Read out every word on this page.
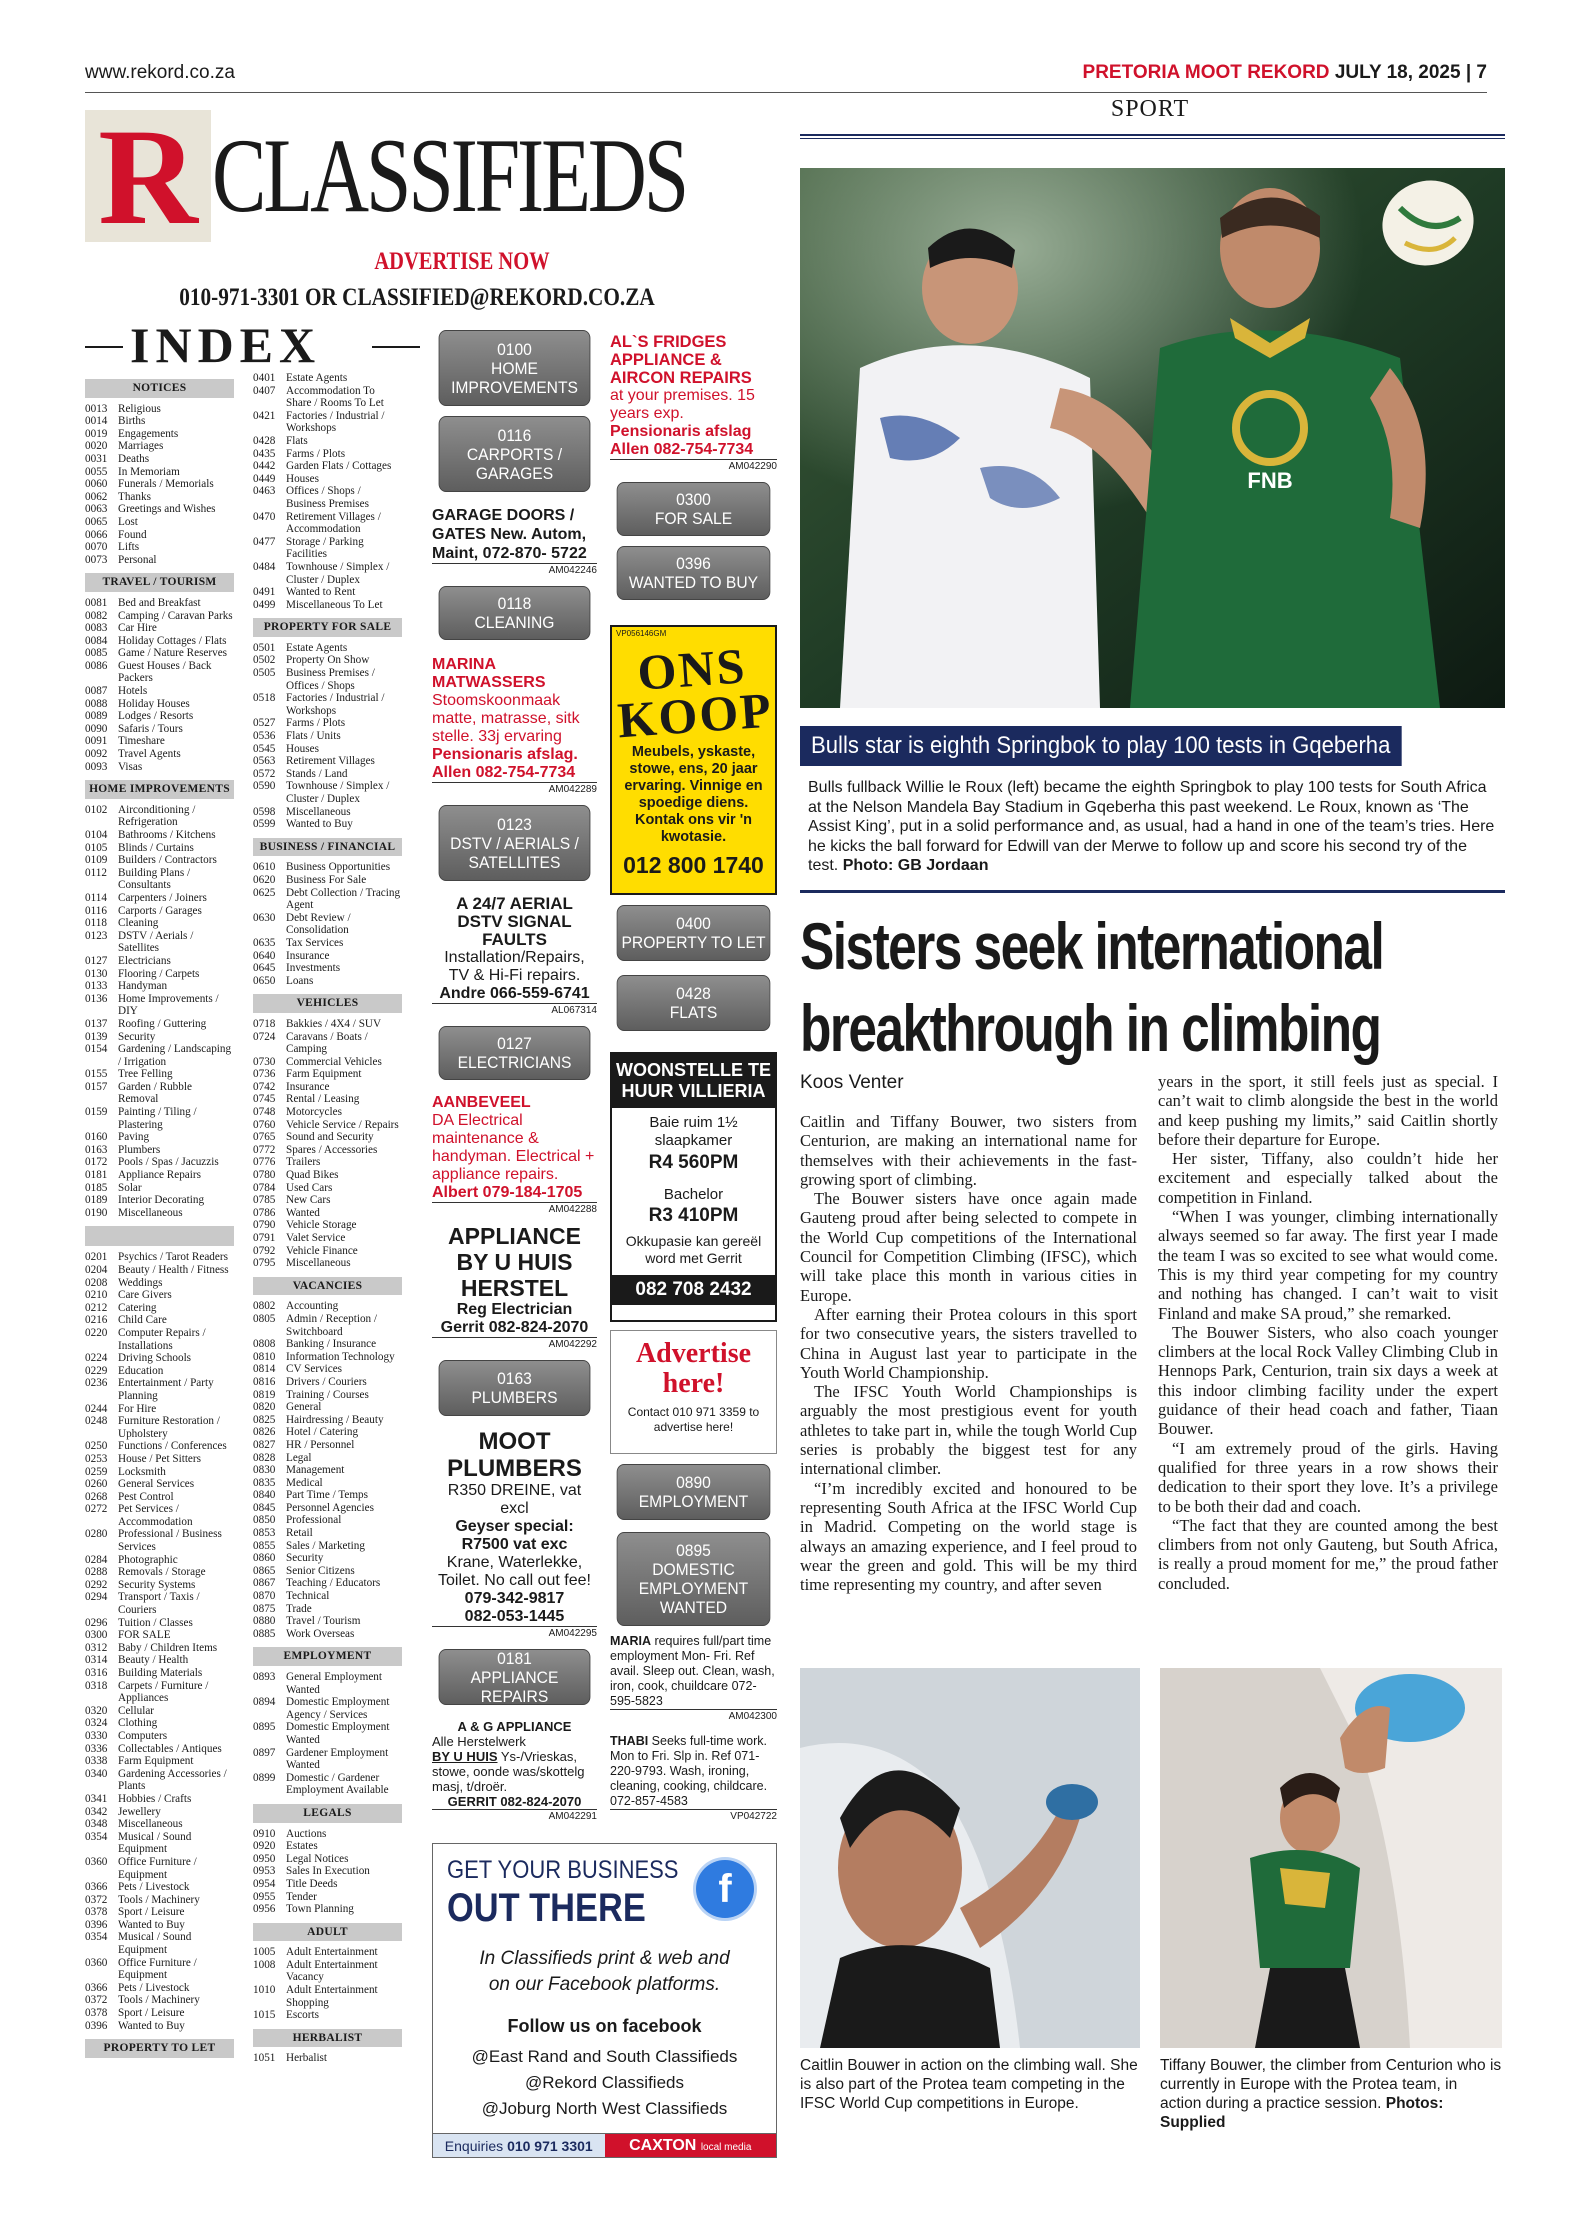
www.rekord.co.za	PRETORIA MOOT REKORD JULY 18, 2025 | 7
R CLASSIFIEDS
ADVERTISE NOW
010-971-3301 OR CLASSIFIED@REKORD.CO.ZA
INDEX
NOTICES
0013 Religious
0014 Births
0019 Engagements
0020 Marriages
0031 Deaths
0055 In Memoriam
0060 Funerals / Memorials
0062 Thanks
0063 Greetings and Wishes
0065 Lost
0066 Found
0070 Lifts
0073 Personal
TRAVEL / TOURISM
0081 Bed and Breakfast
0082 Camping / Caravan Parks
0083 Car Hire
0084 Holiday Cottages / Flats
0085 Game / Nature Reserves
0086 Guest Houses / Back Packers
0087 Hotels
0088 Holiday Houses
0089 Lodges / Resorts
0090 Safaris / Tours
0091 Timeshare
0092 Travel Agents
0093 Visas
HOME IMPROVEMENTS
0102 Airconditioning / Refrigeration
0104 Bathrooms / Kitchens
0105 Blinds / Curtains
0109 Builders / Contractors
0112 Building Plans / Consultants
0114 Carpenters / Joiners
0116 Carports / Garages
0118 Cleaning
0123 DSTV / Aerials / Satellites
0127 Electricians
0130 Flooring / Carpets
0133 Handyman
0136 Home Improvements / DIY
0137 Roofing / Guttering
0139 Security
0154 Gardening / Landscaping / Irrigation
0155 Tree Felling
0157 Garden / Rubble Removal
0159 Painting / Tiling / Plastering
0160 Paving
0163 Plumbers
0172 Pools / Spas / Jacuzzis
0181 Appliance Repairs
0185 Solar
0189 Interior Decorating
0190 Miscellaneous
0201 Psychics / Tarot Readers
0204 Beauty / Health / Fitness
0208 Weddings
0210 Care Givers
0212 Catering
0216 Child Care
0220 Computer Repairs / Installations
0224 Driving Schools
0229 Education
0236 Entertainment / Party Planning
0244 For Hire
0248 Furniture Restoration / Upholstery
0250 Functions / Conferences
0253 House / Pet Sitters
0259 Locksmith
0260 General Services
0268 Pest Control
0272 Pet Services / Accommodation
0280 Professional / Business Services
0284 Photographic
0288 Removals / Storage
0292 Security Systems
0294 Transport / Taxis / Couriers
0296 Tuition / Classes
0300 FOR SALE
0312 Baby / Children Items
0314 Beauty / Health
0316 Building Materials
0318 Carpets / Furniture / Appliances
0320 Cellular
0324 Clothing
0330 Computers
0336 Collectables / Antiques
0338 Farm Equipment
0340 Gardening Accessories / Plants
0341 Hobbies / Crafts
0342 Jewellery
0348 Miscellaneous
0354 Musical / Sound Equipment
0360 Office Furniture / Equipment
0366 Pets / Livestock
0372 Tools / Machinery
0378 Sport / Leisure
0396 Wanted to Buy
0354 Musical / Sound Equipment
0360 Office Furniture / Equipment
0366 Pets / Livestock
0372 Tools / Machinery
0378 Sport / Leisure
0396 Wanted to Buy
PROPERTY TO LET
0401 Estate Agents
0407 Accommodation To Share / Rooms To Let
0421 Factories / Industrial / Workshops
0428 Flats
0435 Farms / Plots
0442 Garden Flats / Cottages
0449 Houses
0463 Offices / Shops / Business Premises
0470 Retirement Villages / Accommodation
0477 Storage / Parking Facilities
0484 Townhouse / Simplex / Cluster / Duplex
0491 Wanted to Rent
0499 Miscellaneous To Let
PROPERTY FOR SALE
0501 Estate Agents
0502 Property On Show
0505 Business Premises / Offices / Shops
0518 Factories / Industrial / Workshops
0527 Farms / Plots
0536 Flats / Units
0545 Houses
0563 Retirement Villages
0572 Stands / Land
0590 Townhouse / Simplex / Cluster / Duplex
0598 Miscellaneous
0599 Wanted to Buy
BUSINESS / FINANCIAL
0610 Business Opportunities
0620 Business For Sale
0625 Debt Collection / Tracing Agent
0630 Debt Review / Consolidation
0635 Tax Services
0640 Insurance
0645 Investments
0650 Loans
VEHICLES
0718 Bakkies / 4X4 / SUV
0724 Caravans / Boats / Camping
0730 Commercial Vehicles
0736 Farm Equipment
0742 Insurance
0745 Rental / Leasing
0748 Motorcycles
0760 Vehicle Service / Repairs
0765 Sound and Security
0772 Spares / Accessories
0776 Trailers
0780 Quad Bikes
0784 Used Cars
0785 New Cars
0786 Wanted
0790 Vehicle Storage
0791 Valet Service
0792 Vehicle Finance
0795 Miscellaneous
VACANCIES
0802 Accounting
0805 Admin / Reception / Switchboard
0808 Banking / Insurance
0810 Information Technology
0814 CV Services
0816 Drivers / Couriers
0819 Training / Courses
0820 General
0825 Hairdressing / Beauty
0826 Hotel / Catering
0827 HR / Personnel
0828 Legal
0830 Management
0835 Medical
0840 Part Time / Temps
0845 Personnel Agencies
0850 Professional
0853 Retail
0855 Sales / Marketing
0860 Security
0865 Senior Citizens
0867 Teaching / Educators
0870 Technical
0875 Trade
0880 Travel / Tourism
0885 Work Overseas
EMPLOYMENT
0893 General Employment Wanted
0894 Domestic Employment Agency / Services
0895 Domestic Employment Wanted
0897 Gardener Employment Wanted
0899 Domestic / Gardener Employment Available
LEGALS
0910 Auctions
0920 Estates
0950 Legal Notices
0953 Sales In Execution
0954 Title Deeds
0955 Tender
0956 Town Planning
ADULT
1005 Adult Entertainment
1008 Adult Entertainment Vacancy
1010 Adult Entertainment Shopping
1015 Escorts
HERBALIST
1051 Herbalist
0100
HOME
IMPROVEMENTS
0116
CARPORTS /
GARAGES
GARAGE DOORS / GATES New. Autom, Maint, 072-870- 5722
AM042246
0118
CLEANING
MARINA MATWASSERS
Stoomskoonmaak matte, matrasse, sitk stelle. 33j ervaring
Pensionaris afslag. Allen 082-754-7734
AM042289
0123
DSTV / AERIALS /
SATELLITES
A 24/7 AERIAL DSTV SIGNAL FAULTS
Installation/Repairs, TV & Hi-Fi repairs.
Andre 066-559-6741
AL067314
0127
ELECTRICIANS
AANBEVEEL
DA Electrical maintenance & handyman. Electrical + appliance repairs.
Albert 079-184-1705
AM042288
APPLIANCE BY U HUIS HERSTEL
Reg Electrician
Gerrit 082-824-2070
AM042292
0163
PLUMBERS
MOOT PLUMBERS
R350 DREINE, vat excl
Geyser special: R7500 vat exc
Krane, Waterlekke, Toilet. No call out fee!
079-342-9817
082-053-1445
AM042295
0181
APPLIANCE REPAIRS
A & G APPLIANCE
Alle Herstelwerk
BY U HUIS Ys-/Vrieskas, stowe, oonde was/skottelg masj, t/droër.
GERRIT 082-824-2070
AM042291
AL`S FRIDGES APPLIANCE & AIRCON REPAIRS
at your premises. 15 years exp.
Pensionaris afslag Allen 082-754-7734
AM042290
0300
FOR SALE
0396
WANTED TO BUY
VP056146GM
ONS KOOP
Meubels, yskaste, stowe, ens, 20 jaar ervaring. Vinnige en spoedige diens. Kontak ons vir 'n kwotasie.
012 800 1740
0400
PROPERTY TO LET
0428
FLATS
WOONSTELLE TE HUUR VILLIERIA
Baie ruim 1½ slaapkamer
R4 560PM
Bachelor
R3 410PM
Okkupasie kan gereël word met Gerrit
082 708 2432
Advertise here!
Contact 010 971 3359 to advertise here!
0890
EMPLOYMENT
0895
DOMESTIC
EMPLOYMENT
WANTED
MARIA requires full/part time employment Mon- Fri. Ref avail. Sleep out. Clean, wash, iron, cook, chuildcare 072-595-5823
AM042300
THABI Seeks full-time work. Mon to Fri. Slp in. Ref 071-220-9793. Wash, ironing, cleaning, cooking, childcare. 072-857-4583
VP042722
GET YOUR BUSINESS
OUT THERE	f
In Classifieds print & web and on our Facebook platforms.
Follow us on facebook
@East Rand and South Classifieds
@Rekord Classifieds
@Joburg North West Classifieds
Enquiries 010 971 3301	CAXTON local media
SPORT
FNB
Bulls star is eighth Springbok to play 100 tests in Gqeberha
Bulls fullback Willie le Roux (left) became the eighth Springbok to play 100 tests for South Africa at the Nelson Mandela Bay Stadium in Gqeberha this past weekend. Le Roux, known as ‘The Assist King’, put in a solid performance and, as usual, had a hand in one of the team’s tries. Here he kicks the ball forward for Edwill van der Merwe to follow up and score his second try of the test. Photo: GB Jordaan
Sisters seek international breakthrough in climbing
Koos Venter

Caitlin and Tiffany Bouwer, two sisters from Centurion, are making an international name for themselves with their achievements in the fast-growing sport of climbing.

The Bouwer sisters have once again made Gauteng proud after being selected to compete in the World Cup competitions of the International Council for Competition Climbing (IFSC), which will take place this month in various cities in Europe.

After earning their Protea colours in this sport for two consecutive years, the sisters travelled to China in August last year to participate in the Youth World Championship.

The IFSC Youth World Championships is arguably the most prestigious event for youth athletes to take part in, while the tough World Cup series is probably the biggest test for any international climber.

“I’m incredibly excited and honoured to be representing South Africa at the IFSC World Cup in Madrid. Competing on the world stage is always an amazing experience, and I feel proud to wear the green and gold. This will be my third time representing my country, and after seven

years in the sport, it still feels just as special. I can’t wait to climb alongside the best in the world and keep pushing my limits,” said Caitlin shortly before their departure for Europe.

Her sister, Tiffany, also couldn’t hide her excitement and especially talked about the competition in Finland.

“When I was younger, climbing internationally always seemed so far away. The first year I made the team I was so excited to see what would come. This is my third year competing for my country and nothing has changed. I can’t wait to visit Finland and make SA proud,” she remarked.

The Bouwer Sisters, who also coach younger climbers at the local Rock Valley Climbing Club in Hennops Park, Centurion, train six days a week at this indoor climbing facility under the expert guidance of their head coach and father, Tiaan Bouwer.

“I am extremely proud of the girls. Having qualified for three years in a row shows their dedication to their sport they love. It’s a privilege to be both their dad and coach.

“The fact that they are counted among the best climbers from not only Gauteng, but South Africa, is really a proud moment for me,” the proud father concluded.

Caitlin Bouwer in action on the climbing wall. She is also part of the Protea team competing in the IFSC World Cup competitions in Europe.
Tiffany Bouwer, the climber from Centurion who is currently in Europe with the Protea team, in action during a practice session. Photos: Supplied
